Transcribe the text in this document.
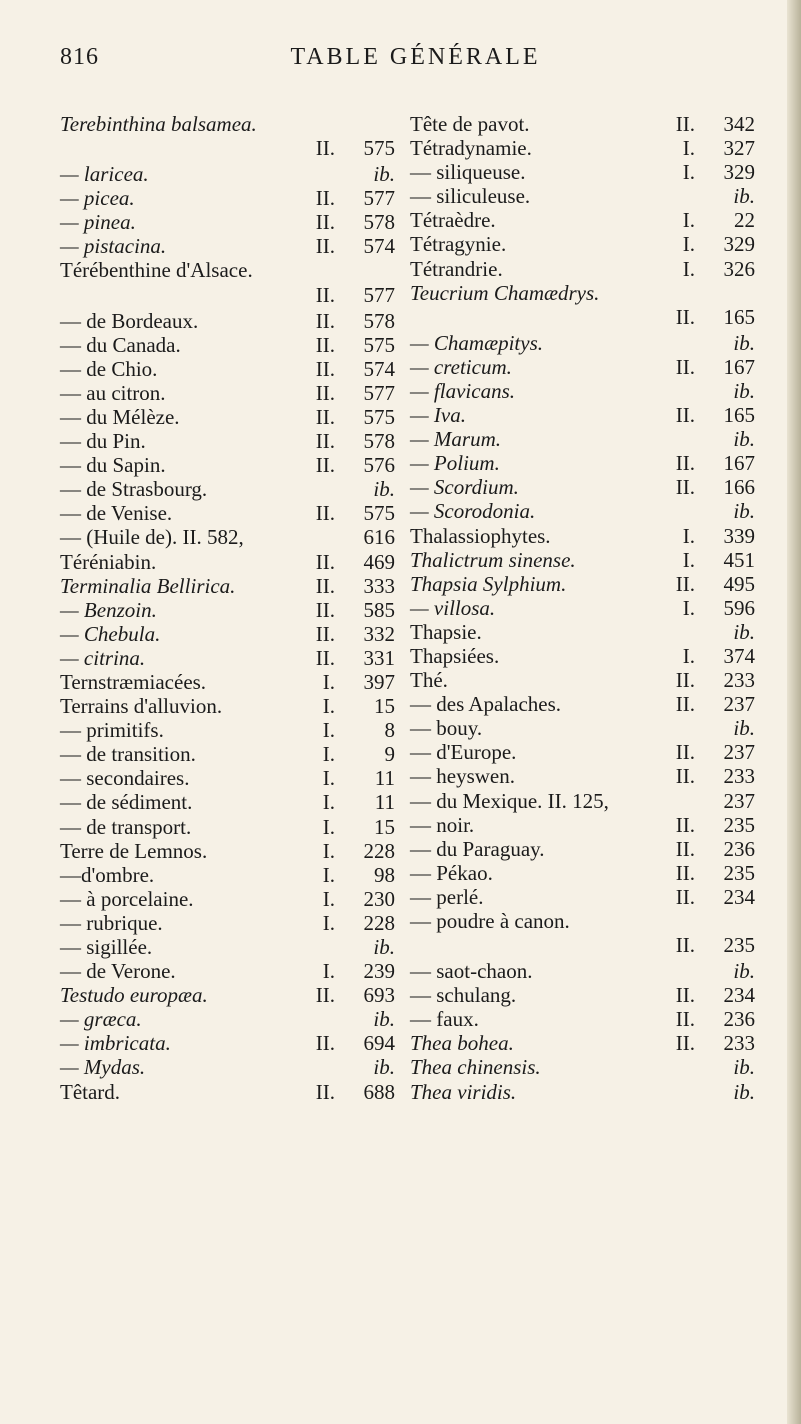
816	TABLE GÉNÉRALE
Terebinthina balsamea.
II.	575
— laricea.	ib.
— picea.	II.	577
— pinea.	II.	578
— pistacina.	II.	574
Térébenthine d'Alsace.
II.	577
— de Bordeaux.	II.	578
— du Canada.	II.	575
— de Chio.	II.	574
— au citron.	II.	577
— du Mélèze.	II.	575
— du Pin.	II.	578
— du Sapin.	II.	576
— de Strasbourg.	ib.
— de Venise.	II.	575
— (Huile de). II. 582,	616
Téréniabin.	II.	469
Terminalia Bellirica.	II.	333
— Benzoin.	II.	585
— Chebula.	II.	332
— citrina.	II.	331
Ternstræmiacées.	I.	397
Terrains d'alluvion.	I.	15
— primitifs.	I.	8
— de transition.	I.	9
— secondaires.	I.	11
— de sédiment.	I.	11
— de transport.	I.	15
Terre de Lemnos.	I.	228
—d'ombre.	I.	98
— à porcelaine.	I.	230
— rubrique.	I.	228
— sigillée.	ib.
— de Verone.	I.	239
Testudo europæa.	II.	693
— græca.	ib.
— imbricata.	II.	694
— Mydas.	ib.
Têtard.	II.	688
Tête de pavot.	II.	342
Tétradynamie.	I.	327
— siliqueuse.	I.	329
— siliculeuse.	ib.
Tétraèdre.	I.	22
Tétragynie.	I.	329
Tétrandrie.	I.	326
Teucrium Chamædrys.
II.	165
— Chamæpitys.	ib.
— creticum.	II.	167
— flavicans.	ib.
— Iva.	II.	165
— Marum.	ib.
— Polium.	II.	167
— Scordium.	II.	166
— Scorodonia.	ib.
Thalassiophytes.	I.	339
Thalictrum sinense.	I.	451
Thapsia Sylphium.	II.	495
— villosa.	I.	596
Thapsie.	ib.
Thapsiées.	I.	374
Thé.	II.	233
— des Apalaches.	II.	237
— bouy.	ib.
— d'Europe.	II.	237
— heyswen.	II.	233
— du Mexique. II. 125,	237
— noir.	II.	235
— du Paraguay.	II.	236
— Pékao.	II.	235
— perlé.	II.	234
— poudre à canon.
II.	235
— saot-chaon.	ib.
— schulang.	II.	234
— faux.	II.	236
Thea bohea.	II.	233
Thea chinensis.	ib.
Thea viridis.	ib.
